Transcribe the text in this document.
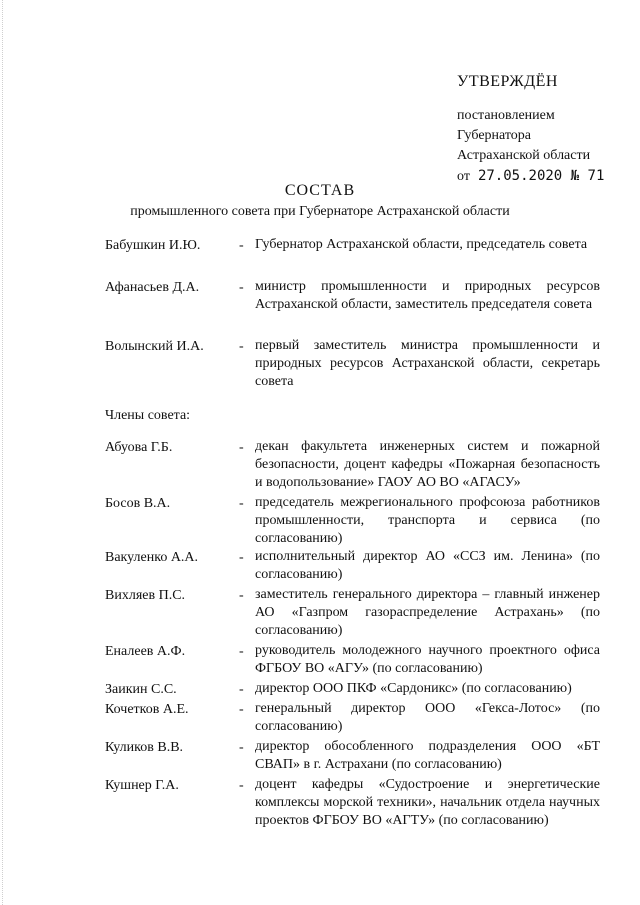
УТВЕРЖДЁН
постановлением
Губернатора
Астраханской области
от 27.05.2020 № 71
СОСТАВ
промышленного совета при Губернаторе Астраханской области
Бабушкин И.Ю.	- Губернатор Астраханской области, председатель совета
Афанасьев Д.А.	- министр промышленности и природных ресурсов Астраханской области, заместитель председателя совета
Волынский И.А.	- первый заместитель министра промышленности и природных ресурсов Астраханской области, секретарь совета
Члены совета:
Абуова Г.Б.	- декан факультета инженерных систем и пожарной безопасности, доцент кафедры «Пожарная безопасность и водопользование» ГАОУ АО ВО «АГАСУ»
Босов В.А.	- председатель межрегионального профсоюза работников промышленности, транспорта и сервиса (по согласованию)
Вакуленко А.А.	- исполнительный директор АО «ССЗ им. Ленина» (по согласованию)
Вихляев П.С.	- заместитель генерального директора – главный инженер АО «Газпром газораспределение Астрахань» (по согласованию)
Еналеев А.Ф.	- руководитель молодежного научного проектного офиса ФГБОУ ВО «АГУ» (по согласованию)
Заикин С.С.	- директор ООО ПКФ «Сардоникс» (по согласованию)
Кочетков А.Е.	- генеральный директор ООО «Гекса-Лотос» (по согласованию)
Куликов В.В.	- директор обособленного подразделения ООО «БТ СВАП» в г. Астрахани (по согласованию)
Кушнер Г.А.	- доцент кафедры «Судостроение и энергетические комплексы морской техники», начальник отдела научных проектов ФГБОУ ВО «АГТУ» (по согласованию)
